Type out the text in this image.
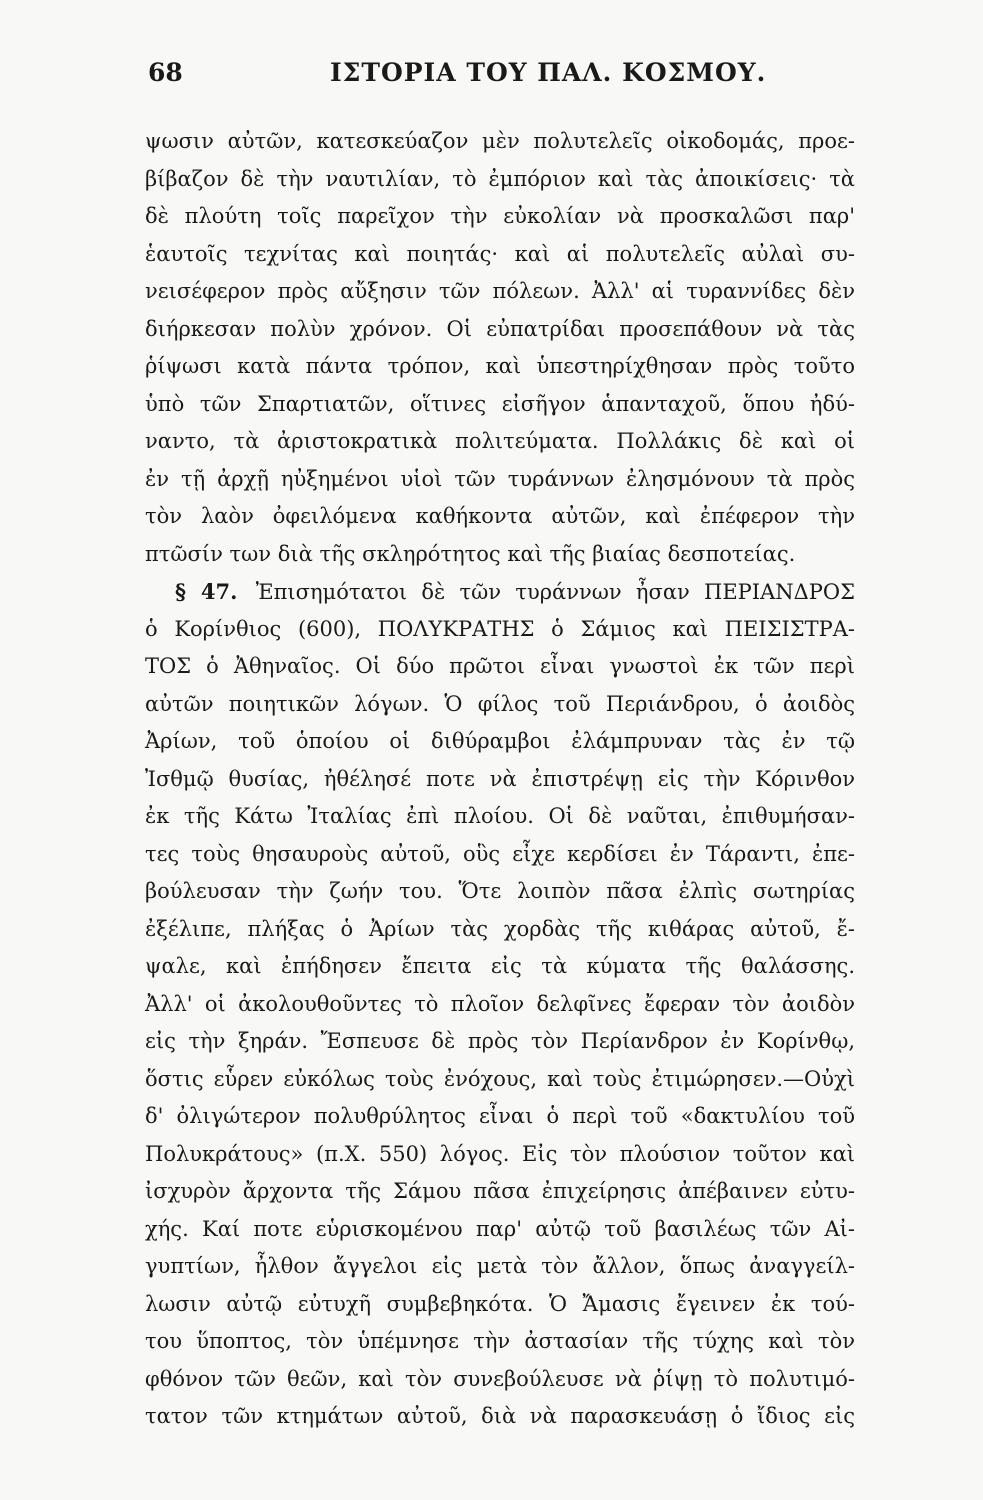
68	ΙΣΤΟΡΙΑ ΤΟΥ ΠΑΛ. ΚΟΣΜΟΥ.

ψωσιν αὐτῶν, κατεσκεύαζον μὲν πολυτελεῖς οἰκοδομάς, προε-
βίβαζον δὲ τὴν ναυτιλίαν, τὸ ἐμπόριον καὶ τὰς ἀποικίσεις· τὰ
δὲ πλούτη τοῖς παρεῖχον τὴν εὐκολίαν νὰ προσκαλῶσι παρ'
ἑαυτοῖς τεχνίτας καὶ ποιητάς· καὶ αἱ πολυτελεῖς αὐλαὶ συ-
νεισέφερον πρὸς αὔξησιν τῶν πόλεων. Ἀλλ' αἱ τυραννίδες δὲν
διήρκεσαν πολὺν χρόνον. Οἱ εὐπατρίδαι προσεπάθουν νὰ τὰς
ῥίψωσι κατὰ πάντα τρόπον, καὶ ὑπεστηρίχθησαν πρὸς τοῦτο
ὑπὸ τῶν Σπαρτιατῶν, οἵτινες εἰσῆγον ἁπανταχοῦ, ὅπου ἠδύ-
ναντο, τὰ ἀριστοκρατικὰ πολιτεύματα. Πολλάκις δὲ καὶ οἱ
ἐν τῇ ἀρχῇ ηὐξημένοι υἱοὶ τῶν τυράννων ἐλησμόνουν τὰ πρὸς
τὸν λαὸν ὀφειλόμενα καθήκοντα αὐτῶν, καὶ ἐπέφερον τὴν
πτῶσίν των διὰ τῆς σκληρότητος καὶ τῆς βιαίας δεσποτείας.
§ 47. Ἐπισημότατοι δὲ τῶν τυράννων ἦσαν ΠΕΡΙΑΝΔΡΟΣ
ὁ Κορίνθιος (600), ΠΟΛΥΚΡΑΤΗΣ ὁ Σάμιος καὶ ΠΕΙΣΙΣΤΡΑ-
ΤΟΣ ὁ Ἀθηναῖος. Οἱ δύο πρῶτοι εἶναι γνωστοὶ ἐκ τῶν περὶ
αὐτῶν ποιητικῶν λόγων. Ὁ φίλος τοῦ Περιάνδρου, ὁ ἀοιδὸς
Ἀρίων, τοῦ ὁποίου οἱ διθύραμβοι ἐλάμπρυναν τὰς ἐν τῷ
Ἰσθμῷ θυσίας, ἠθέλησέ ποτε νὰ ἐπιστρέψῃ εἰς τὴν Κόρινθον
ἐκ τῆς Κάτω Ἰταλίας ἐπὶ πλοίου. Οἱ δὲ ναῦται, ἐπιθυμήσαν-
τες τοὺς θησαυροὺς αὐτοῦ, οὓς εἶχε κερδίσει ἐν Τάραντι, ἐπε-
βούλευσαν τὴν ζωήν του. Ὅτε λοιπὸν πᾶσα ἐλπὶς σωτηρίας
ἐξέλιπε, πλήξας ὁ Ἀρίων τὰς χορδὰς τῆς κιθάρας αὐτοῦ, ἔ-
ψαλε, καὶ ἐπήδησεν ἔπειτα εἰς τὰ κύματα τῆς θαλάσσης.
Ἀλλ' οἱ ἀκολουθοῦντες τὸ πλοῖον δελφῖνες ἔφεραν τὸν ἀοιδὸν
εἰς τὴν ξηράν. Ἔσπευσε δὲ πρὸς τὸν Περίανδρον ἐν Κορίνθῳ,
ὅστις εὗρεν εὐκόλως τοὺς ἐνόχους, καὶ τοὺς ἐτιμώρησεν.—Οὐχὶ
δ' ὀλιγώτερον πολυθρύλητος εἶναι ὁ περὶ τοῦ «δακτυλίου τοῦ
Πολυκράτους» (π.Χ. 550) λόγος. Εἰς τὸν πλούσιον τοῦτον καὶ
ἰσχυρὸν ἄρχοντα τῆς Σάμου πᾶσα ἐπιχείρησις ἀπέβαινεν εὐτυ-
χής. Καί ποτε εὑρισκομένου παρ' αὐτῷ τοῦ βασιλέως τῶν Αἰ-
γυπτίων, ἦλθον ἄγγελοι εἰς μετὰ τὸν ἄλλον, ὅπως ἀναγγείλ-
λωσιν αὐτῷ εὐτυχῆ συμβεβηκότα. Ὁ Ἄμασις ἔγεινεν ἐκ τού-
του ὕποπτος, τὸν ὑπέμνησε τὴν ἀστασίαν τῆς τύχης καὶ τὸν
φθόνον τῶν θεῶν, καὶ τὸν συνεβούλευσε νὰ ῥίψῃ τὸ πολυτιμό-
τατον τῶν κτημάτων αὐτοῦ, διὰ νὰ παρασκευάσῃ ὁ ἴδιος εἰς
